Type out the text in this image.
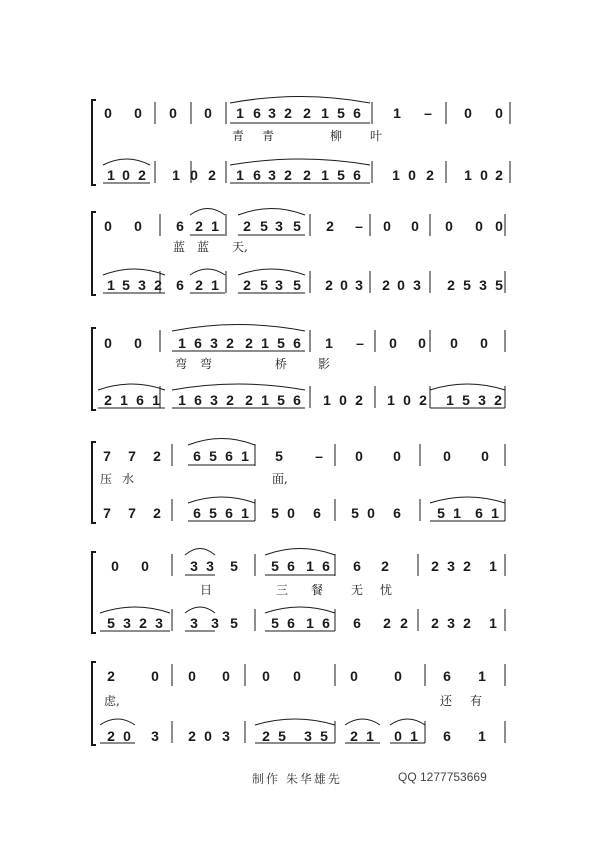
0 0 0 0 1 6 3 2 2 1 5 6 1 – 0 0
青 青	柳 叶
1 0 2 1 0 2 1 6 3 2 2 1 5 6 1 0 2 1 0 2
0 0 6 2 1 2 5 3 5 2 – 0 0 0 0 0
蓝 蓝 天,
1 5 3 2 6 2 1 2 5 3 5 2 0 3 2 0 3 2 5 3 5
0 0	1 6 3 2 2 1 5 6 1 – 0 0 0 0
弯 弯	桥	影
2 1 6 1 1 6 3 2 2 1 5 6 1 0 2 1 0 2 1 5 3 2
7 7 2 6 5 6 1 5 – 0 0	0 0
压 水	面,
7 7 2 6 5 6 1 5 0 6 5 0 6	5 1 6 1
0 0	3 3 5 5 6 1 6 6 2	2 3 2 1
日	三 餐 无 忧
5 3 2 3 3 3 5 5 6 1 6 6 2 2 2 3 2 1
2	0 0 0 0 0	0	0	6 1
虑,	还 有
2 0 3 2 0 3 2 5 3 5 2 1 0 1 6 1
制作 朱华雄先	QQ 1277753669
